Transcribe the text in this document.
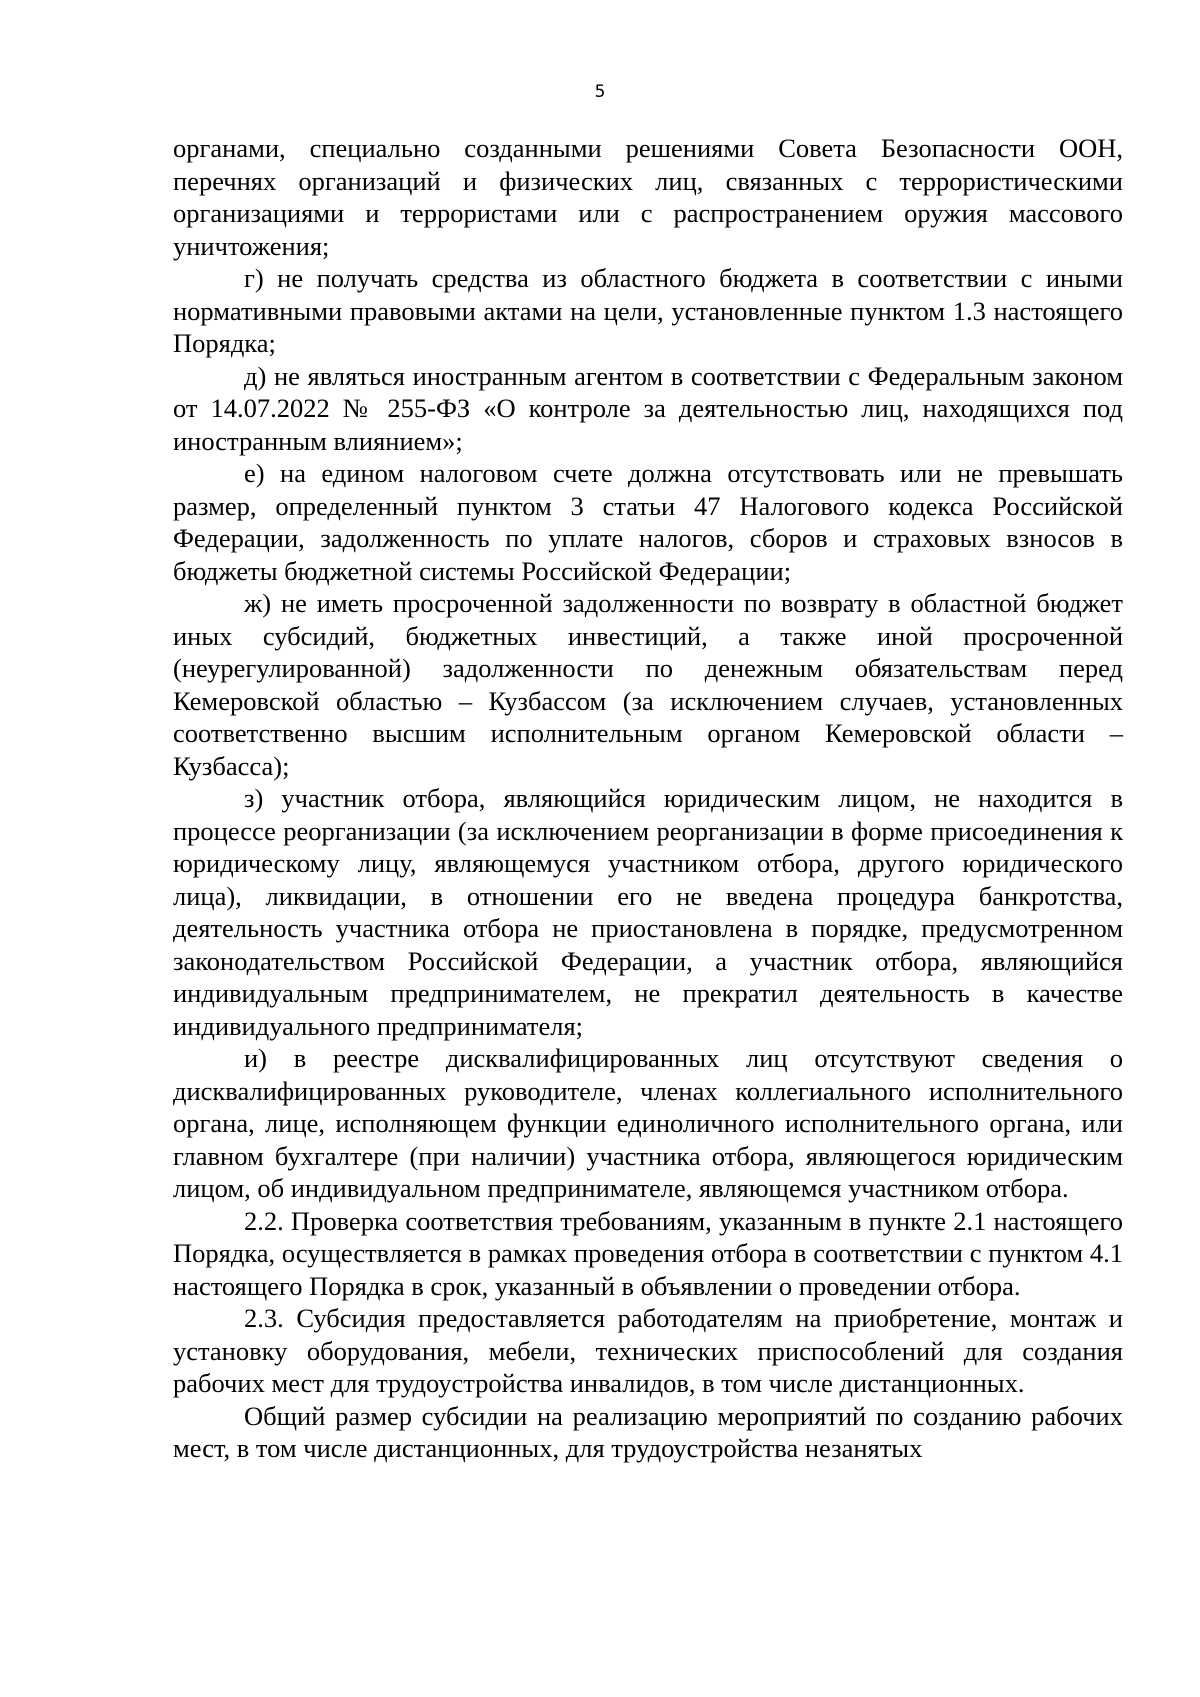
5

органами, специально созданными решениями Совета Безопасности ООН, перечнях организаций и физических лиц, связанных с террористическими организациями и террористами или с распространением оружия массового уничтожения;

г) не получать средства из областного бюджета в соответствии с иными нормативными правовыми актами на цели, установленные пунктом 1.3 настоящего Порядка;

д) не являться иностранным агентом в соответствии с Федеральным законом от 14.07.2022 № 255-ФЗ «О контроле за деятельностью лиц, находящихся под иностранным влиянием»;

е) на едином налоговом счете должна отсутствовать или не превышать размер, определенный пунктом 3 статьи 47 Налогового кодекса Российской Федерации, задолженность по уплате налогов, сборов и страховых взносов в бюджеты бюджетной системы Российской Федерации;

ж) не иметь просроченной задолженности по возврату в областной бюджет иных субсидий, бюджетных инвестиций, а также иной просроченной (неурегулированной) задолженности по денежным обязательствам перед Кемеровской областью – Кузбассом (за исключением случаев, установленных соответственно высшим исполнительным органом Кемеровской области – Кузбасса);

з) участник отбора, являющийся юридическим лицом, не находится в процессе реорганизации (за исключением реорганизации в форме присоединения к юридическому лицу, являющемуся участником отбора, другого юридического лица), ликвидации, в отношении его не введена процедура банкротства, деятельность участника отбора не приостановлена в порядке, предусмотренном законодательством Российской Федерации, а участник отбора, являющийся индивидуальным предпринимателем, не прекратил деятельность в качестве индивидуального предпринимателя;

и) в реестре дисквалифицированных лиц отсутствуют сведения о дисквалифицированных руководителе, членах коллегиального исполнительного органа, лице, исполняющем функции единоличного исполнительного органа, или главном бухгалтере (при наличии) участника отбора, являющегося юридическим лицом, об индивидуальном предпринимателе, являющемся участником отбора.

2.2. Проверка соответствия требованиям, указанным в пункте 2.1 настоящего Порядка, осуществляется в рамках проведения отбора в соответствии с пунктом 4.1 настоящего Порядка в срок, указанный в объявлении о проведении отбора.

2.3. Субсидия предоставляется работодателям на приобретение, монтаж и установку оборудования, мебели, технических приспособлений для создания рабочих мест для трудоустройства инвалидов, в том числе дистанционных.

Общий размер субсидии на реализацию мероприятий по созданию рабочих мест, в том числе дистанционных, для трудоустройства незанятых
